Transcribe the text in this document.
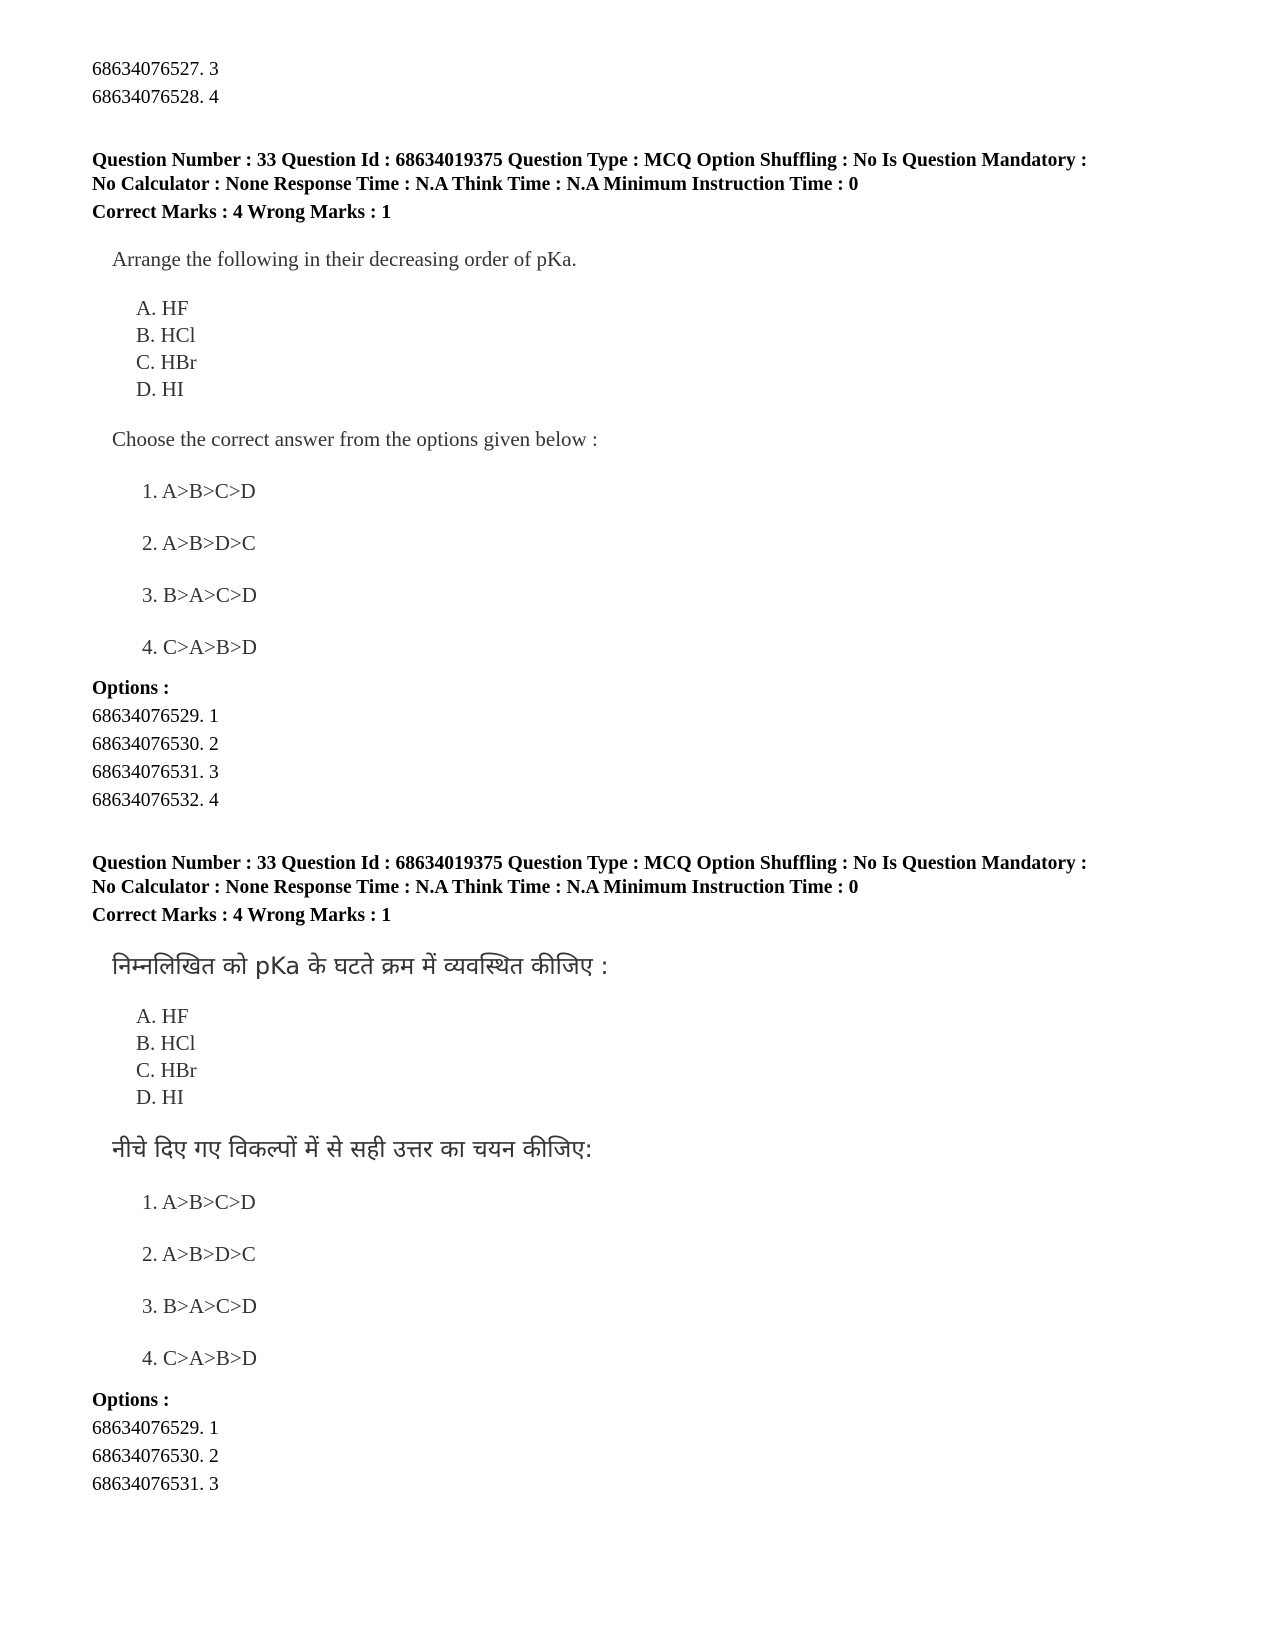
68634076527. 3
68634076528. 4
Question Number : 33 Question Id : 68634019375 Question Type : MCQ Option Shuffling : No Is Question Mandatory :
No Calculator : None Response Time : N.A Think Time : N.A Minimum Instruction Time : 0
Correct Marks : 4 Wrong Marks : 1
Arrange the following in their decreasing order of pKa.
A. HF
B. HCl
C. HBr
D. HI
Choose the correct answer from the options given below :
1. A>B>C>D
2. A>B>D>C
3. B>A>C>D
4. C>A>B>D
Options :
68634076529. 1
68634076530. 2
68634076531. 3
68634076532. 4
Question Number : 33 Question Id : 68634019375 Question Type : MCQ Option Shuffling : No Is Question Mandatory :
No Calculator : None Response Time : N.A Think Time : N.A Minimum Instruction Time : 0
Correct Marks : 4 Wrong Marks : 1
निम्नलिखित को pKa के घटते क्रम में व्यवस्थित कीजिए :
A. HF
B. HCl
C. HBr
D. HI
नीचे दिए गए विकल्पों में से सही उत्तर का चयन कीजिए:
1. A>B>C>D
2. A>B>D>C
3. B>A>C>D
4. C>A>B>D
Options :
68634076529. 1
68634076530. 2
68634076531. 3
